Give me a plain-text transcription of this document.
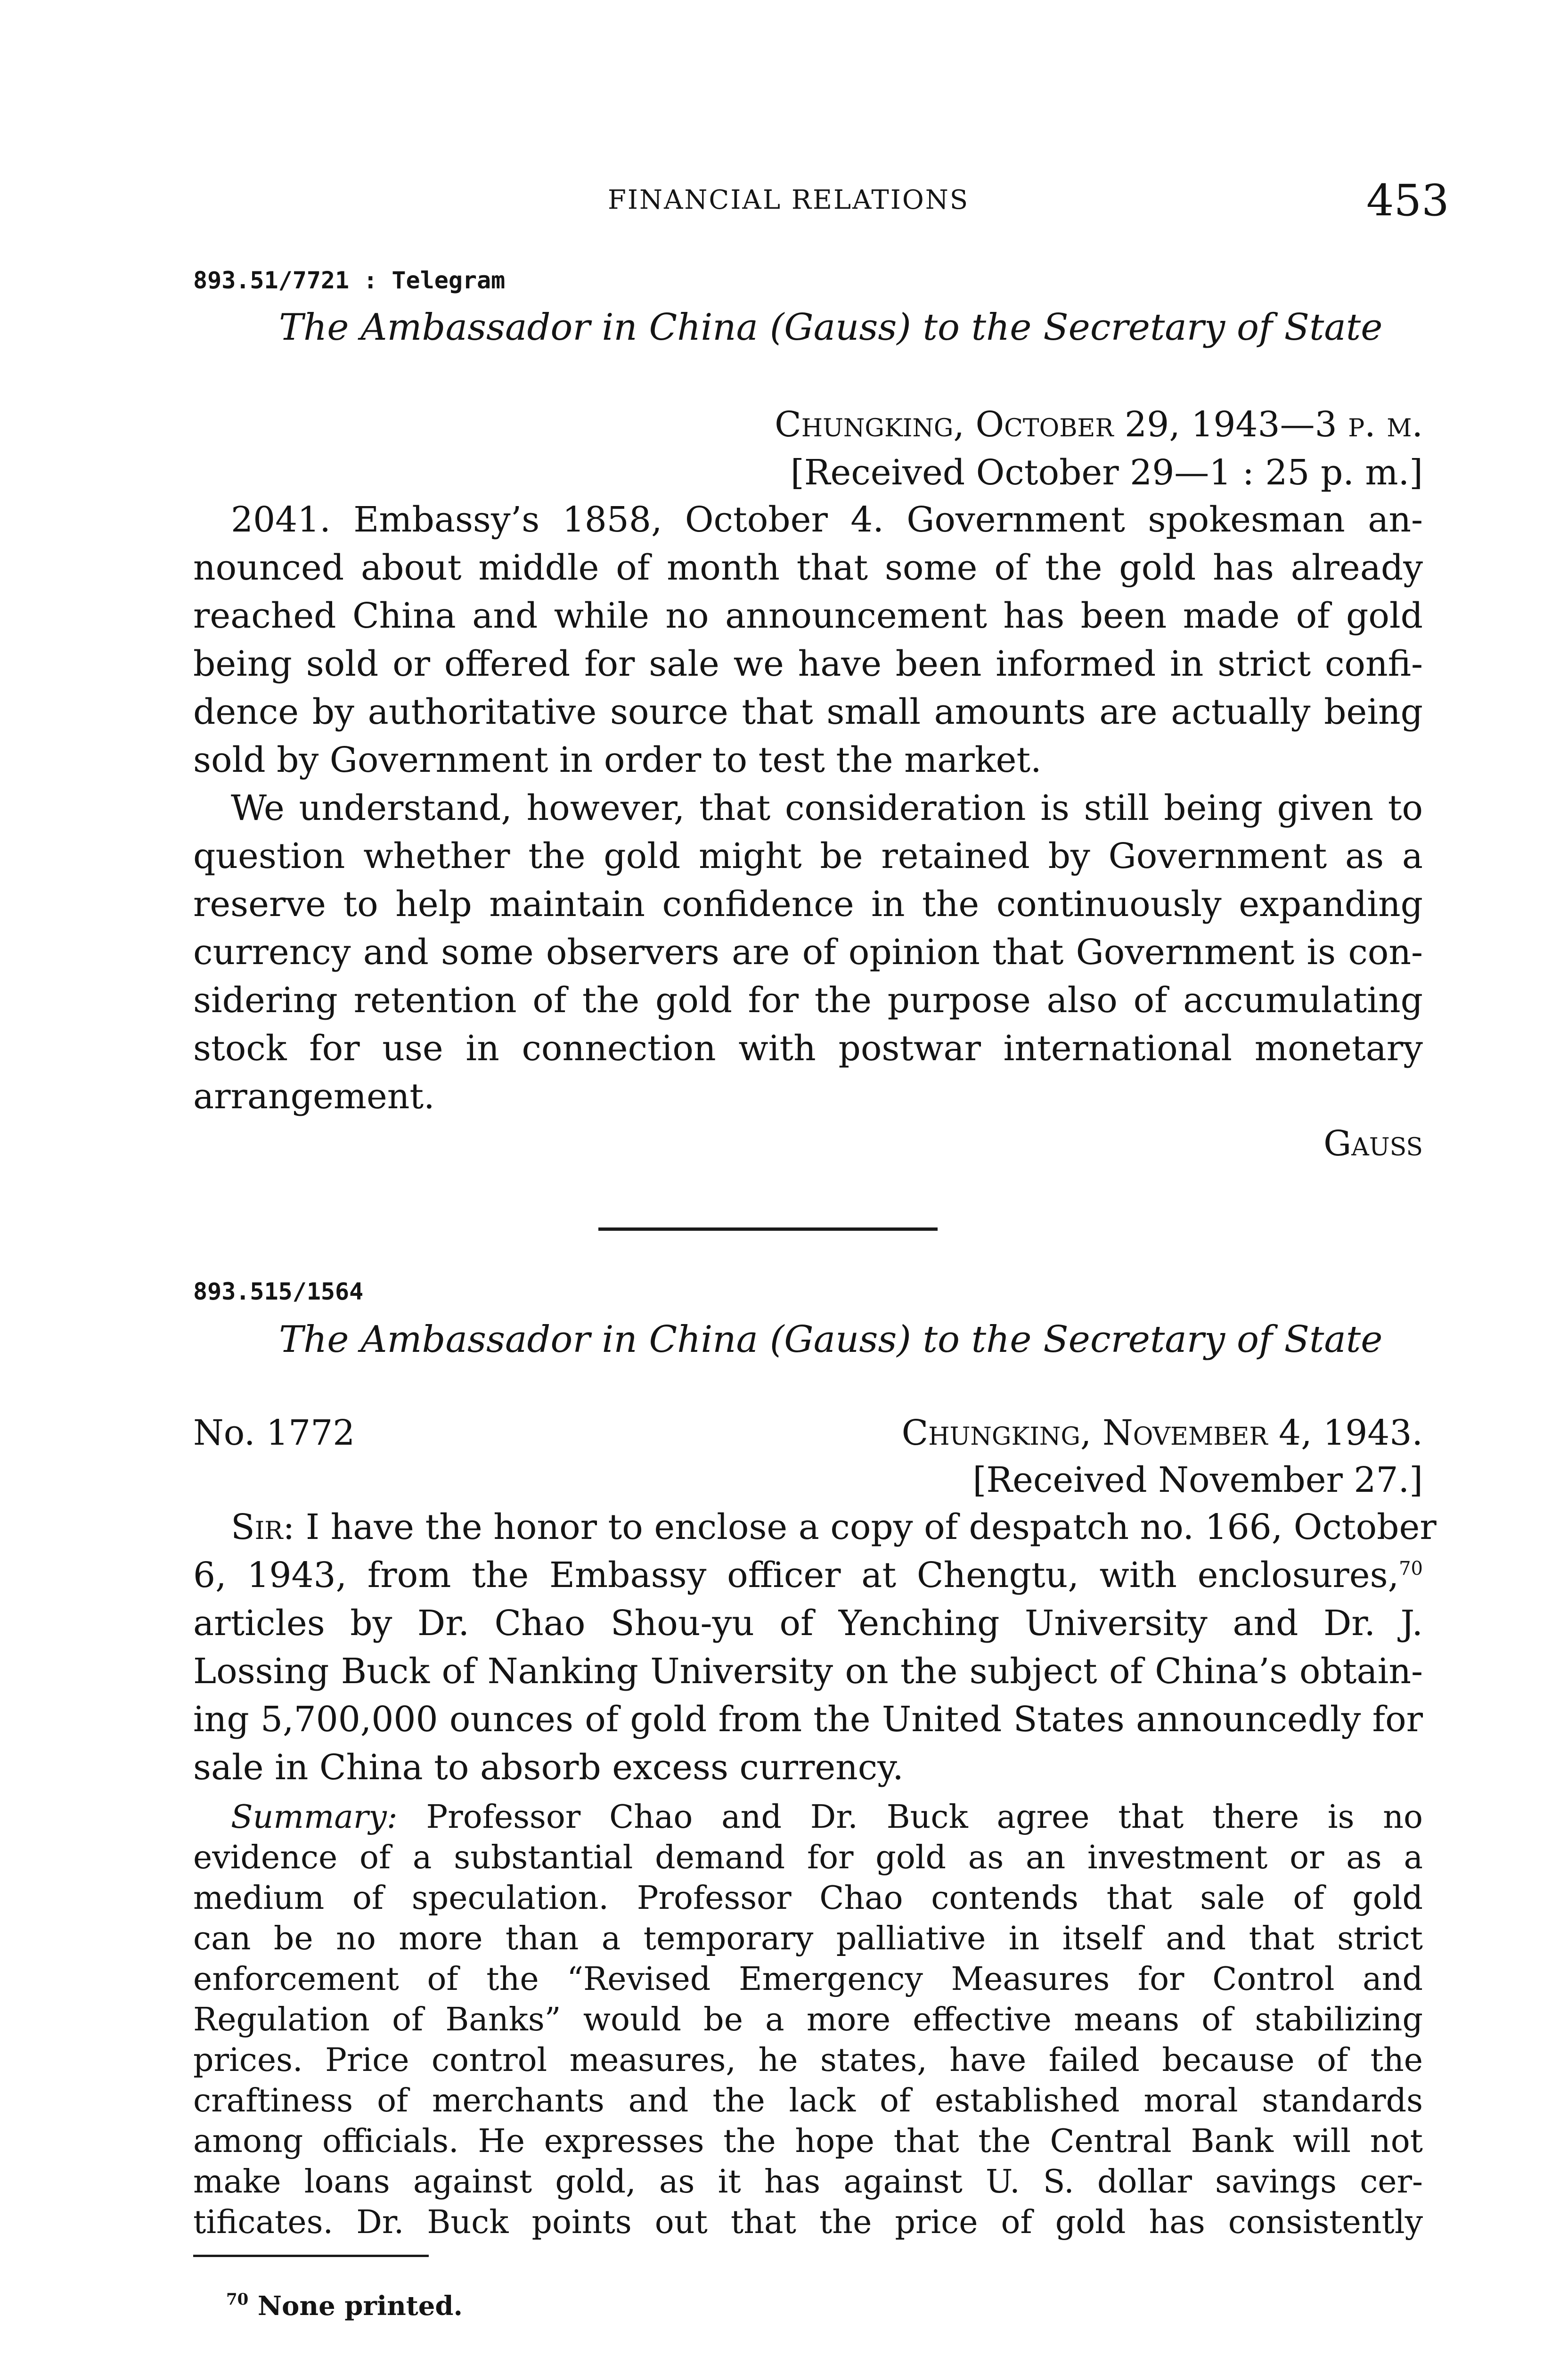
FINANCIAL RELATIONS	453
893.51/7721 : Telegram
The Ambassador in China (Gauss) to the Secretary of State
Chungking, October 29, 1943—3 p. m.
[Received October 29—1 : 25 p. m.]
2041. Embassy’s 1858, October 4. Government spokesman an-
nounced about middle of month that some of the gold has already
reached China and while no announcement has been made of gold
being sold or offered for sale we have been informed in strict confi-
dence by authoritative source that small amounts are actually being
sold by Government in order to test the market.
We understand, however, that consideration is still being given to
question whether the gold might be retained by Government as a
reserve to help maintain confidence in the continuously expanding
currency and some observers are of opinion that Government is con-
sidering retention of the gold for the purpose also of accumulating
stock for use in connection with postwar international monetary
arrangement.
Gauss
893.515/1564
The Ambassador in China (Gauss) to the Secretary of State
No. 1772	Chungking, November 4, 1943.
[Received November 27.]
Sir: I have the honor to enclose a copy of despatch no. 166, October
6, 1943, from the Embassy officer at Chengtu, with enclosures,$^{70}$
articles by Dr. Chao Shou-yu of Yenching University and Dr. J.
Lossing Buck of Nanking University on the subject of China’s obtain-
ing 5,700,000 ounces of gold from the United States announcedly for
sale in China to absorb excess currency.
Summary: Professor Chao and Dr. Buck agree that there is no
evidence of a substantial demand for gold as an investment or as a
medium of speculation. Professor Chao contends that sale of gold
can be no more than a temporary palliative in itself and that strict
enforcement of the “Revised Emergency Measures for Control and
Regulation of Banks” would be a more effective means of stabilizing
prices. Price control measures, he states, have failed because of the
craftiness of merchants and the lack of established moral standards
among officials. He expresses the hope that the Central Bank will not
make loans against gold, as it has against U. S. dollar savings cer-
tificates. Dr. Buck points out that the price of gold has consistently
$^{70}$ None printed.
